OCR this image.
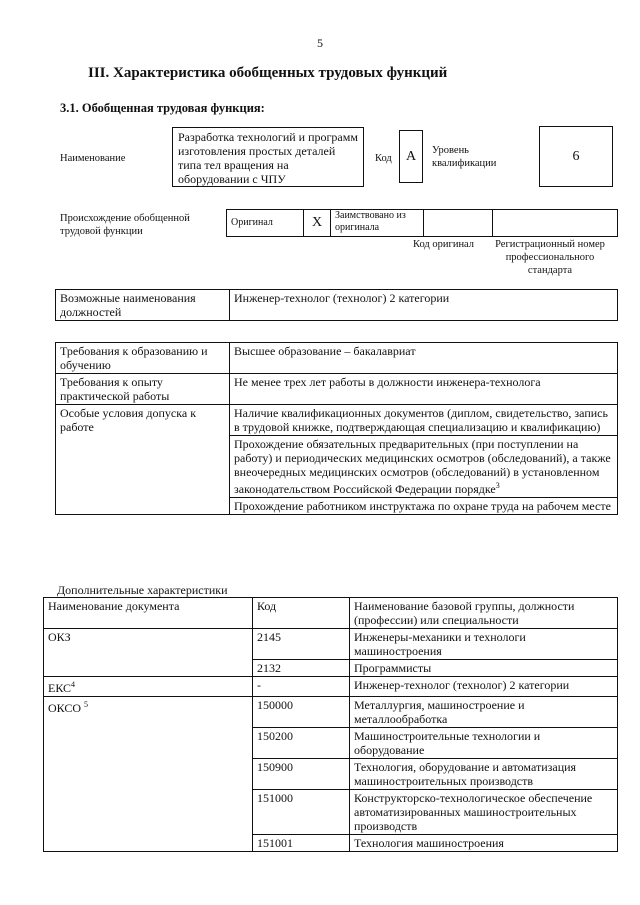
5
III. Характеристика обобщенных трудовых функций
3.1. Обобщенная трудовая функция:
Наименование
Разработка технологий и программ изготовления простых деталей типа тел вращения на оборудовании с ЧПУ
Код	А	Уровень квалификации	6
Происхождение обобщенной трудовой функции
Оригинал	Х	Заимствовано из оригинала		
Код оригинал	Регистрационный номер профессионального стандарта
Возможные наименования должностей	Инженер-технолог (технолог) 2 категории
Требования к образованию и обучению	Высшее образование – бакалавриат
Требования к опыту практической работы	Не менее трех лет работы в должности инженера-технолога
Особые условия допуска к работе	Наличие квалификационных документов (диплом, свидетельство, запись в трудовой книжке, подтверждающая специализацию и квалификацию)
	Прохождение обязательных предварительных (при поступлении на работу) и периодических медицинских осмотров (обследований), а также внеочередных медицинских осмотров (обследований) в установленном законодательством Российской Федерации порядке$^3$
	Прохождение работником инструктажа по охране труда на рабочем месте
Дополнительные характеристики
Наименование документа	Код	Наименование базовой группы, должности (профессии) или специальности
ОКЗ	2145	Инженеры-механики и технологи машиностроения
	2132	Программисты
ЕКС$^4$	-	Инженер-технолог (технолог) 2 категории
ОКСО $^5$	150000	Металлургия, машиностроение и металлообработка
	150200	Машиностроительные технологии и оборудование
	150900	Технология, оборудование и автоматизация машиностроительных производств
	151000	Конструкторско-технологическое обеспечение автоматизированных машиностроительных производств
	151001	Технология машиностроения
